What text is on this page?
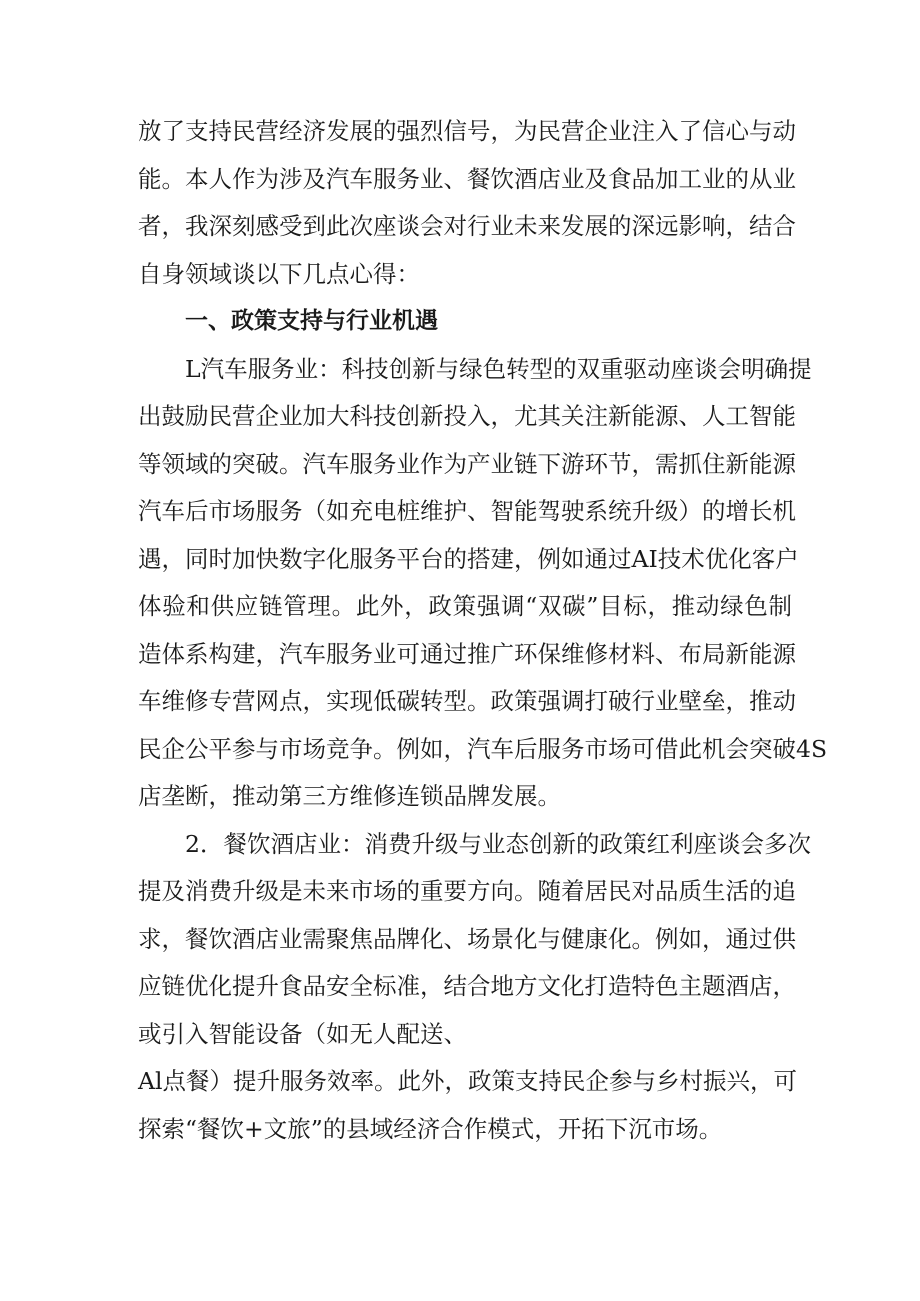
放了支持民营经济发展的强烈信号，为民营企业注入了信心与动
能。本人作为涉及汽车服务业、餐饮酒店业及食品加工业的从业
者，我深刻感受到此次座谈会对行业未来发展的深远影响，结合
自身领域谈以下几点心得：
一、政策支持与行业机遇
L汽车服务业：科技创新与绿色转型的双重驱动座谈会明确提
出鼓励民营企业加大科技创新投入，尤其关注新能源、人工智能
等领域的突破。汽车服务业作为产业链下游环节，需抓住新能源
汽车后市场服务（如充电桩维护、智能驾驶系统升级）的增长机
遇，同时加快数字化服务平台的搭建，例如通过AI技术优化客户
体验和供应链管理。此外，政策强调“双碳”目标，推动绿色制
造体系构建，汽车服务业可通过推广环保维修材料、布局新能源
车维修专营网点，实现低碳转型。政策强调打破行业壁垒，推动
民企公平参与市场竞争。例如，汽车后服务市场可借此机会突破4S
店垄断，推动第三方维修连锁品牌发展。
2．餐饮酒店业：消费升级与业态创新的政策红利座谈会多次
提及消费升级是未来市场的重要方向。随着居民对品质生活的追
求，餐饮酒店业需聚焦品牌化、场景化与健康化。例如，通过供
应链优化提升食品安全标准，结合地方文化打造特色主题酒店，
或引入智能设备（如无人配送、
Al点餐）提升服务效率。此外，政策支持民企参与乡村振兴，可
探索“餐饮+文旅”的县域经济合作模式，开拓下沉市场。
